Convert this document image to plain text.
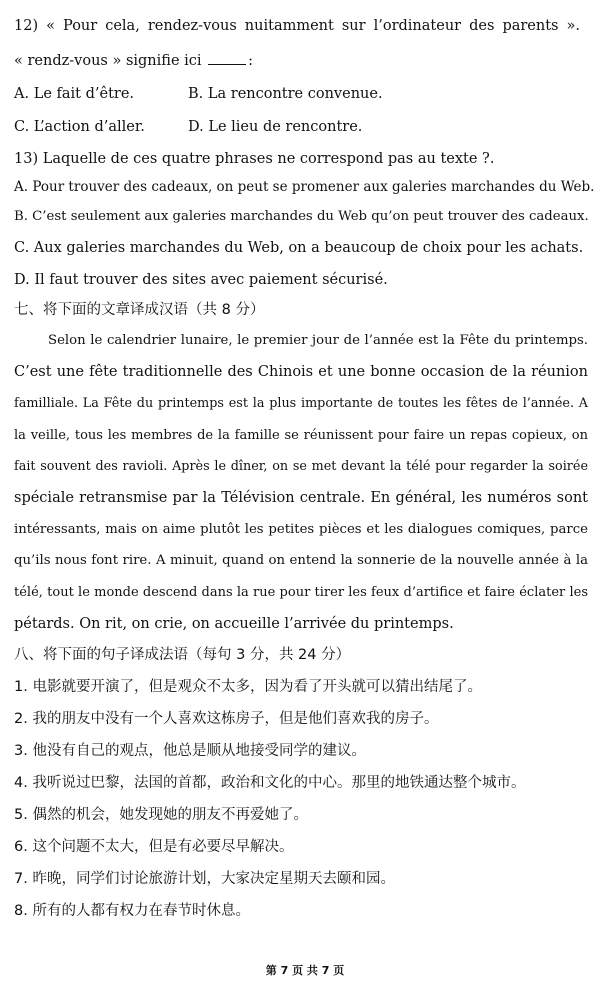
12) « Pour cela, rendez-vous nuitamment sur l’ordinateur des parents ».
« rendz-vous » signifie ici	:
A. Le fait d’être.	B. La rencontre convenue.
C. L’action d’aller.	D. Le lieu de rencontre.
13) Laquelle de ces quatre phrases ne correspond pas au texte ?.
A. Pour trouver des cadeaux, on peut se promener aux galeries marchandes du Web.
B. C’est seulement aux galeries marchandes du Web qu’on peut trouver des cadeaux.
C. Aux galeries marchandes du Web, on a beaucoup de choix pour les achats.
D. Il faut trouver des sites avec paiement sécurisé.
七、将下面的文章译成汉语（共 8 分）
Selon le calendrier lunaire, le premier jour de l’année est la Fête du printemps.
C’est une fête traditionnelle des Chinois et une bonne occasion de la réunion
familliale. La Fête du printemps est la plus importante de toutes les fêtes de l’année. A
la veille, tous les membres de la famille se réunissent pour faire un repas copieux, on
fait souvent des ravioli. Après le dîner, on se met devant la télé pour regarder la soirée
spéciale retransmise par la Télévision centrale. En général, les numéros sont
intéressants, mais on aime plutôt les petites pièces et les dialogues comiques, parce
qu’ils nous font rire. A minuit, quand on entend la sonnerie de la nouvelle année à la
télé, tout le monde descend dans la rue pour tirer les feux d’artifice et faire éclater les
pétards. On rit, on crie, on accueille l’arrivée du printemps.
八、将下面的句子译成法语（每句 3 分，共 24 分）
1. 电影就要开演了，但是观众不太多，因为看了开头就可以猜出结尾了。
2. 我的朋友中没有一个人喜欢这栋房子，但是他们喜欢我的房子。
3. 他没有自己的观点，他总是顺从地接受同学的建议。
4. 我听说过巴黎，法国的首都，政治和文化的中心。那里的地铁通达整个城市。
5. 偶然的机会，她发现她的朋友不再爱她了。
6. 这个问题不太大，但是有必要尽早解决。
7. 昨晚，同学们讨论旅游计划，大家决定星期天去颐和园。
8. 所有的人都有权力在春节时休息。
第 7 页 共 7 页
